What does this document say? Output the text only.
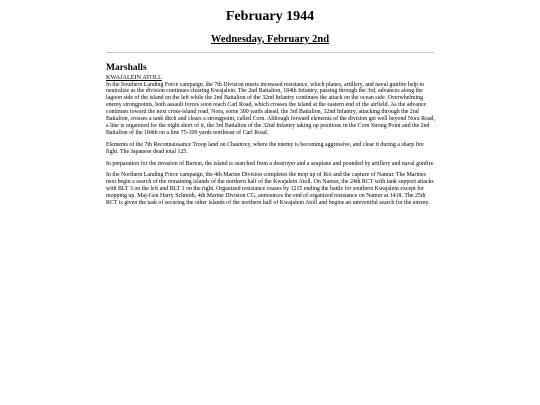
February 1944
Wednesday, February 2nd
Marshalls

KWAJALEIN ATOLL

In the Southern Landing Force campaign, the 7th Division meets increased resistance, which planes, artillery, and naval gunfire help to neutralize as the division continues clearing Kwajalein. The 2nd Battalion, 184th Infantry, passing through the 3rd, advances along the lagoon side of the island on the left while the 2nd Battalion of the 32nd Infantry continues the attack on the ocean side. Overwhelming enemy strongpoints, both assault forces soon reach Carl Road, which crosses the island at the eastern end of the airfield. As the advance continues toward the next cross-island road, Nora, some 300 yards ahead, the 3rd Battalion, 32nd Infantry, attacking through the 2nd Battalion, crosses a tank ditch and clears a strongpoint, called Corn. Although forward elements of the division get well beyond Nora Road, a line is organized for the night short of it, the 3rd Battalion of the 32nd Infantry taking up positions in the Corn Strong Point and the 2nd Battalion of the 184th on a line 75-100 yards northeast of Carl Road.

Elements of the 7th Reconnaissance Troop land on Chauncey, where the enemy is becoming aggressive, and clear it during a sharp fire fight. The Japanese dead total 125.

In preparation for the invasion of Burton, the island is searched from a destroyer and a seaplane and pounded by artillery and naval gunfire.

In the Northern Landing Force campaign, the 4th Marine Division completes the mop up of Roi and the capture of Namur. The Marines next begin a search of the remaining islands of the northern half of the Kwajalein Atoll. On Namur, the 24th RCT with tank support attacks with BLT 3 on the left and BLT 1 on the right. Organized resistance ceases by 1215 ending the battle for southern Kwajalein except for mopping up. Maj-Gen Harry Schmidt, 4th Marine Division CG, announces the end of organized resistance on Namur at 1418. The 25th RCT is given the task of securing the other islands of the northern half of Kwajalein Atoll and begins an uneventful search for the enemy.
